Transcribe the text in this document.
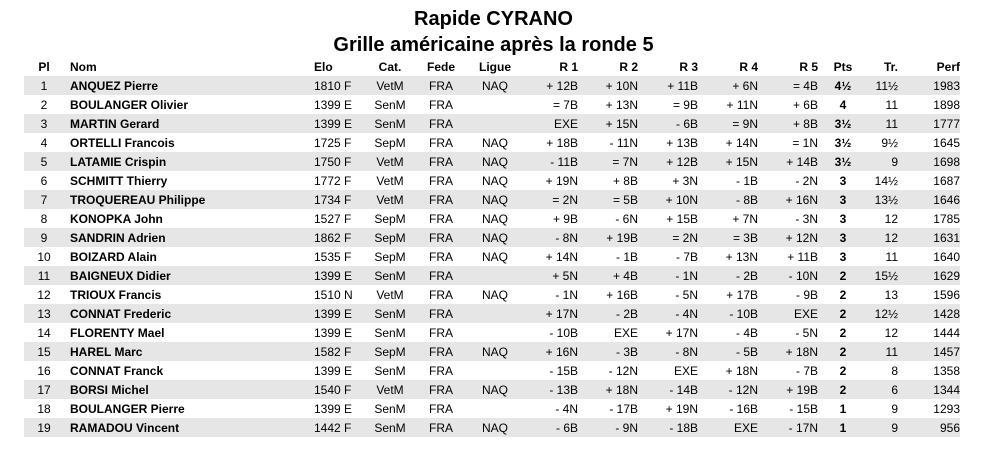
Rapide CYRANO
Grille américaine après la ronde 5
Pl	Nom	Elo	Cat.	Fede	Ligue	R 1	R 2	R 3	R 4	R 5	Pts	Tr.	Perf
1	ANQUEZ Pierre	1810 F	VetM	FRA	NAQ	+ 12B	+ 10N	+ 11B	+ 6N	= 4B	4½	11½	1983
2	BOULANGER Olivier	1399 E	SenM	FRA		= 7B	+ 13N	= 9B	+ 11N	+ 6B	4	11	1898
3	MARTIN Gerard	1399 E	SenM	FRA		EXE	+ 15N	- 6B	= 9N	+ 8B	3½	11	1777
4	ORTELLI Francois	1725 F	SepM	FRA	NAQ	+ 18B	- 11N	+ 13B	+ 14N	= 1N	3½	9½	1645
5	LATAMIE Crispin	1750 F	VetM	FRA	NAQ	- 11B	= 7N	+ 12B	+ 15N	+ 14B	3½	9	1698
6	SCHMITT Thierry	1772 F	VetM	FRA	NAQ	+ 19N	+ 8B	+ 3N	- 1B	- 2N	3	14½	1687
7	TROQUEREAU Philippe	1734 F	VetM	FRA	NAQ	= 2N	= 5B	+ 10N	- 8B	+ 16N	3	13½	1646
8	KONOPKA John	1527 F	SepM	FRA	NAQ	+ 9B	- 6N	+ 15B	+ 7N	- 3N	3	12	1785
9	SANDRIN Adrien	1862 F	SepM	FRA	NAQ	- 8N	+ 19B	= 2N	= 3B	+ 12N	3	12	1631
10	BOIZARD Alain	1535 F	SepM	FRA	NAQ	+ 14N	- 1B	- 7B	+ 13N	+ 11B	3	11	1640
11	BAIGNEUX Didier	1399 E	SenM	FRA		+ 5N	+ 4B	- 1N	- 2B	- 10N	2	15½	1629
12	TRIOUX Francis	1510 N	VetM	FRA	NAQ	- 1N	+ 16B	- 5N	+ 17B	- 9B	2	13	1596
13	CONNAT Frederic	1399 E	SenM	FRA		+ 17N	- 2B	- 4N	- 10B	EXE	2	12½	1428
14	FLORENTY Mael	1399 E	SenM	FRA		- 10B	EXE	+ 17N	- 4B	- 5N	2	12	1444
15	HAREL Marc	1582 F	SepM	FRA	NAQ	+ 16N	- 3B	- 8N	- 5B	+ 18N	2	11	1457
16	CONNAT Franck	1399 E	SenM	FRA		- 15B	- 12N	EXE	+ 18N	- 7B	2	8	1358
17	BORSI Michel	1540 F	VetM	FRA	NAQ	- 13B	+ 18N	- 14B	- 12N	+ 19B	2	6	1344
18	BOULANGER Pierre	1399 E	SenM	FRA		- 4N	- 17B	+ 19N	- 16B	- 15B	1	9	1293
19	RAMADOU Vincent	1442 F	SenM	FRA	NAQ	- 6B	- 9N	- 18B	EXE	- 17N	1	9	956
